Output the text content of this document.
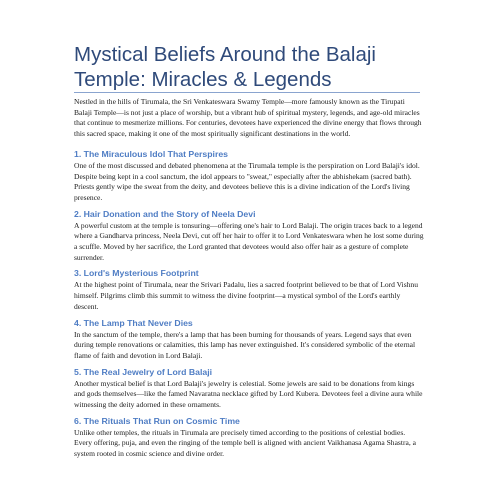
Mystical Beliefs Around the Balaji Temple: Miracles & Legends

Nestled in the hills of Tirumala, the Sri Venkateswara Swamy Temple—more famously known as the Tirupati Balaji Temple—is not just a place of worship, but a vibrant hub of spiritual mystery, legends, and age-old miracles that continue to mesmerize millions. For centuries, devotees have experienced the divine energy that flows through this sacred space, making it one of the most spiritually significant destinations in the world.

1. The Miraculous Idol That Perspires

One of the most discussed and debated phenomena at the Tirumala temple is the perspiration on Lord Balaji's idol. Despite being kept in a cool sanctum, the idol appears to "sweat," especially after the abhishekam (sacred bath). Priests gently wipe the sweat from the deity, and devotees believe this is a divine indication of the Lord's living presence.

2. Hair Donation and the Story of Neela Devi

A powerful custom at the temple is tonsuring—offering one's hair to Lord Balaji. The origin traces back to a legend where a Gandharva princess, Neela Devi, cut off her hair to offer it to Lord Venkateswara when he lost some during a scuffle. Moved by her sacrifice, the Lord granted that devotees would also offer hair as a gesture of complete surrender.

3. Lord's Mysterious Footprint

At the highest point of Tirumala, near the Srivari Padalu, lies a sacred footprint believed to be that of Lord Vishnu himself. Pilgrims climb this summit to witness the divine footprint—a mystical symbol of the Lord's earthly descent.

4. The Lamp That Never Dies

In the sanctum of the temple, there's a lamp that has been burning for thousands of years. Legend says that even during temple renovations or calamities, this lamp has never extinguished. It's considered symbolic of the eternal flame of faith and devotion in Lord Balaji.

5. The Real Jewelry of Lord Balaji

Another mystical belief is that Lord Balaji's jewelry is celestial. Some jewels are said to be donations from kings and gods themselves—like the famed Navaratna necklace gifted by Lord Kubera. Devotees feel a divine aura while witnessing the deity adorned in these ornaments.

6. The Rituals That Run on Cosmic Time

Unlike other temples, the rituals in Tirumala are precisely timed according to the positions of celestial bodies. Every offering, puja, and even the ringing of the temple bell is aligned with ancient Vaikhanasa Agama Shastra, a system rooted in cosmic science and divine order.
